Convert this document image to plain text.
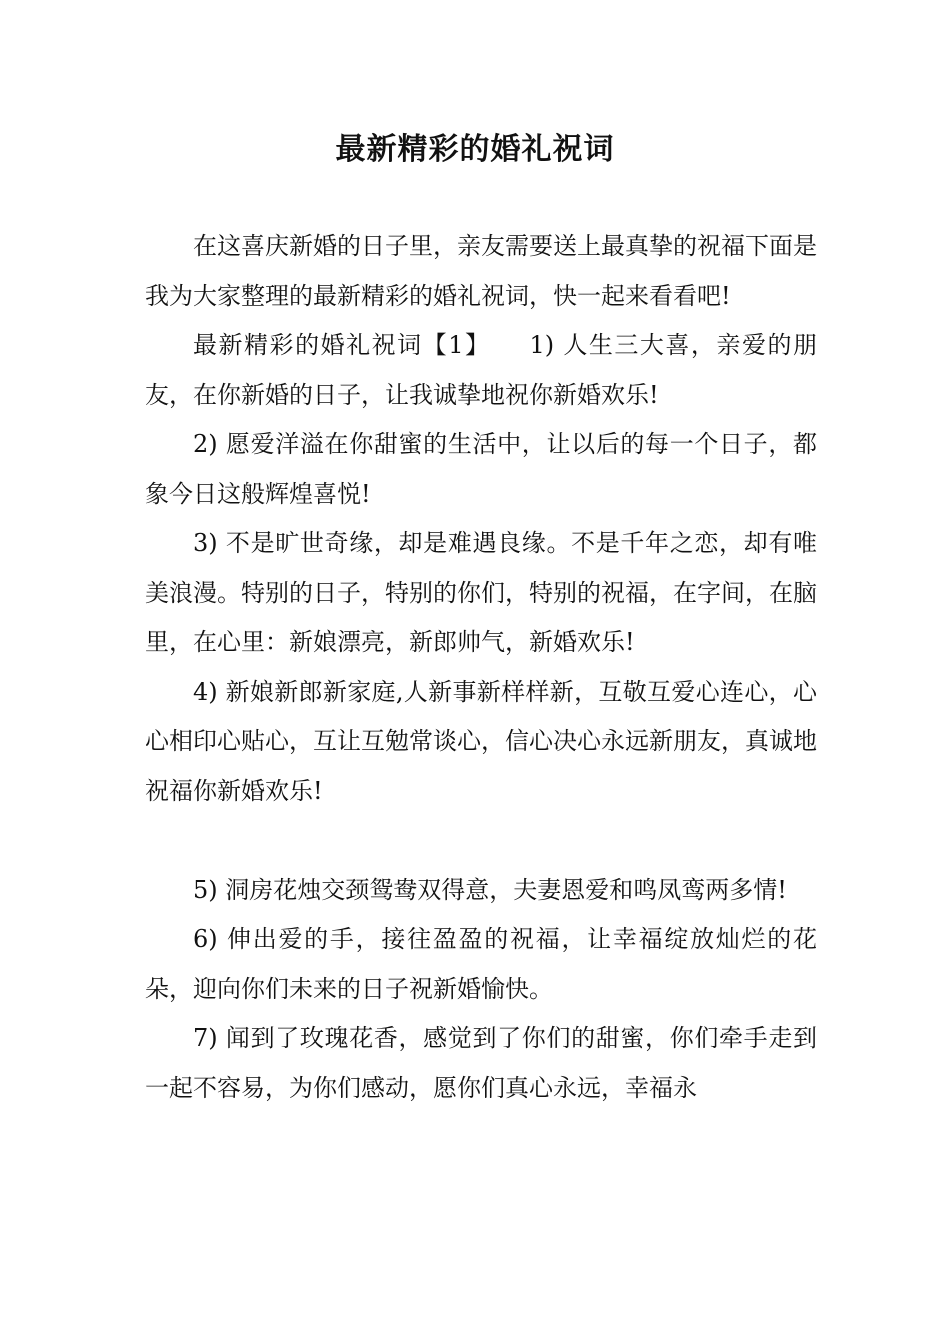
最新精彩的婚礼祝词

在这喜庆新婚的日子里，亲友需要送上最真挚的祝福下面是我为大家整理的最新精彩的婚礼祝词，快一起来看看吧!

最新精彩的婚礼祝词【1】　　1) 人生三大喜，亲爱的朋友，在你新婚的日子，让我诚挚地祝你新婚欢乐!

2) 愿爱洋溢在你甜蜜的生活中，让以后的每一个日子，都象今日这般辉煌喜悦!

3) 不是旷世奇缘，却是难遇良缘。不是千年之恋，却有唯美浪漫。特别的日子，特别的你们，特别的祝福，在字间，在脑里，在心里：新娘漂亮，新郎帅气，新婚欢乐!

4) 新娘新郎新家庭,人新事新样样新，互敬互爱心连心，心心相印心贴心，互让互勉常谈心，信心决心永远新朋友，真诚地祝福你新婚欢乐!

5) 洞房花烛交颈鸳鸯双得意，夫妻恩爱和鸣凤鸾两多情!

6) 伸出爱的手，接往盈盈的祝福，让幸福绽放灿烂的花朵，迎向你们未来的日子祝新婚愉快。

7) 闻到了玫瑰花香，感觉到了你们的甜蜜，你们牵手走到一起不容易，为你们感动，愿你们真心永远，幸福永
